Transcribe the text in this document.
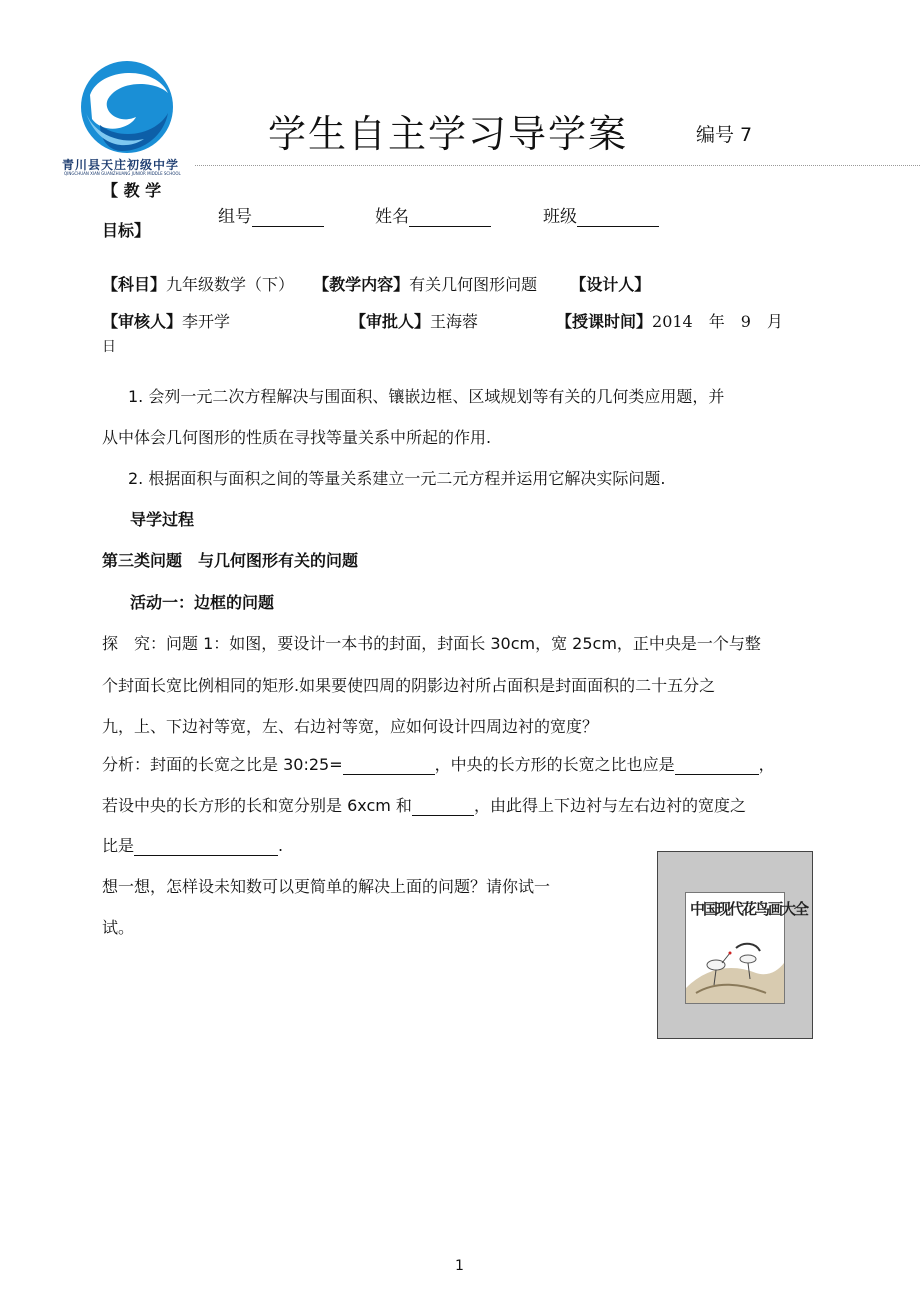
青川县天庄初级中学
QINGCHUAN XIAN GUANZHUANG JUNIOR MIDDLE SCHOOL
学生自主学习导学案	编号 7
【 教 学
目标】
组号	姓名	班级
【科目】九年级数学（下） 【教学内容】有关几何图形问题 【设计人】
【审核人】李开学	【审批人】王海蓉	【授课时间】2014　年　9　月
日
1. 会列一元二次方程解决与围面积、镶嵌边框、区域规划等有关的几何类应用题，并
从中体会几何图形的性质在寻找等量关系中所起的作用.
2. 根据面积与面积之间的等量关系建立一元二元方程并运用它解决实际问题.
导学过程
第三类问题　与几何图形有关的问题
活动一：边框的问题
探　究：问题 1：如图，要设计一本书的封面，封面长 30cm，宽 25cm，正中央是一个与整
个封面长宽比例相同的矩形.如果要使四周的阴影边衬所占面积是封面面积的二十五分之
九，上、下边衬等宽，左、右边衬等宽，应如何设计四周边衬的宽度？
分析：封面的长宽之比是 30:25=	，中央的长方形的长宽之比也应是	，
若设中央的长方形的长和宽分别是 6xcm 和	，由此得上下边衬与左右边衬的宽度之
比是	.
想一想，怎样设未知数可以更简单的解决上面的问题？请你试一
试。
中国现代花鸟画大全
1
